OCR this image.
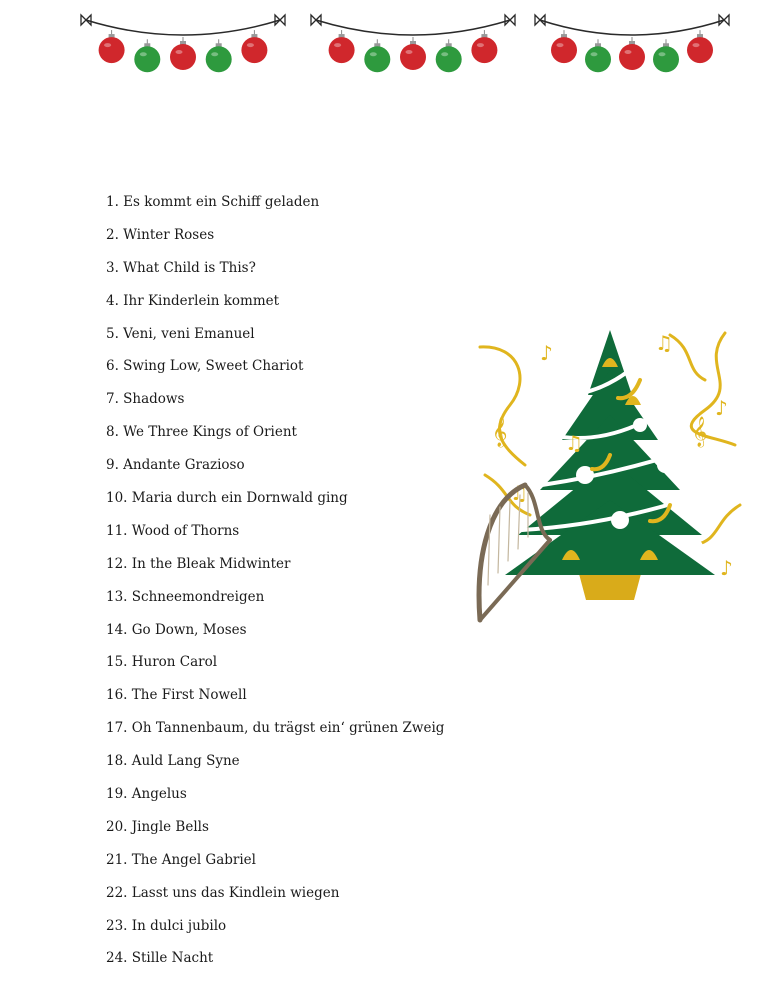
1. Es kommt ein Schiff geladen
2. Winter Roses
3. What Child is This?
4. Ihr Kinderlein kommet
5. Veni, veni Emanuel
6. Swing Low, Sweet Chariot
7. Shadows
8. We Three Kings of Orient
9. Andante Grazioso
10. Maria durch ein Dornwald ging
11. Wood of Thorns
12. In the Bleak Midwinter
13. Schneemondreigen
14. Go Down, Moses
15. Huron Carol
16. The First Nowell
17. Oh Tannenbaum, du trägst ein‘ grünen Zweig
18. Auld Lang Syne
19. Angelus
20. Jingle Bells
21. The Angel Gabriel
22. Lasst uns das Kindlein wiegen
23. In dulci jubilo
24. Stille Nacht
♫
♪
♪
♫
♪
♫
𝄞	𝄞
